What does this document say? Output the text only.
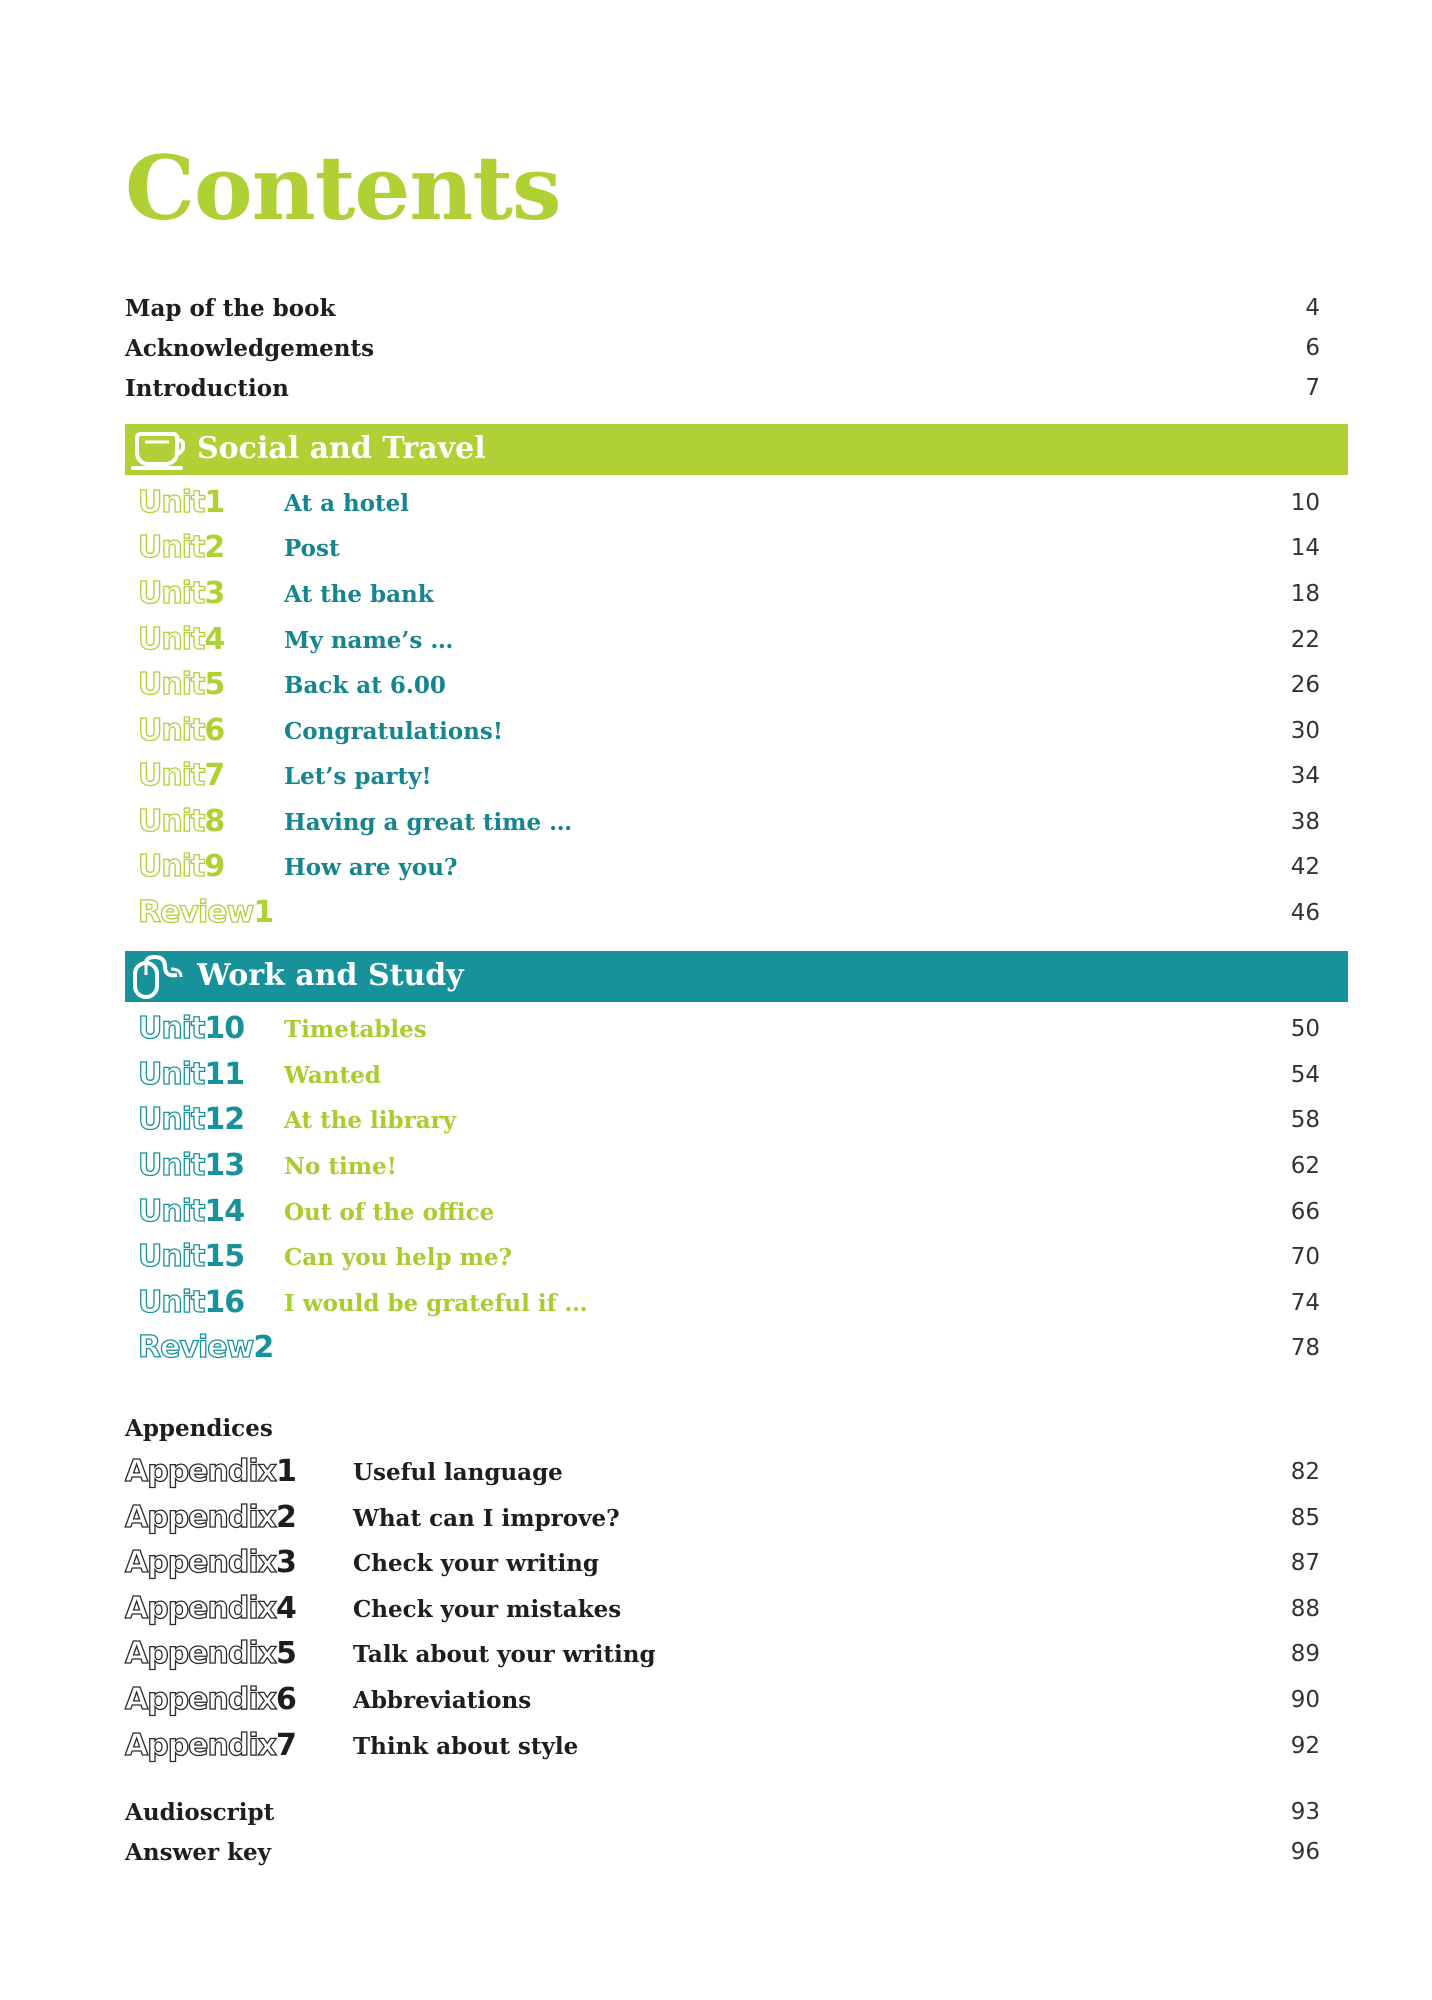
Contents
Map of the book	4
Acknowledgements	6
Introduction	7
Social and Travel
Unit1	At a hotel	10
Unit2	Post	14
Unit3	At the bank	18
Unit4	My name’s …	22
Unit5	Back at 6.00	26
Unit6	Congratulations!	30
Unit7	Let’s party!	34
Unit8	Having a great time …	38
Unit9	How are you?	42
Review1	46
Work and Study
Unit10 Timetables	50
Unit11 Wanted	54
Unit12 At the library	58
Unit13 No time!	62
Unit14 Out of the office	66
Unit15 Can you help me?	70
Unit16 I would be grateful if …	74
Review2	78
Appendices
Appendix1 Useful language	82
Appendix2 What can I improve?	85
Appendix3 Check your writing	87
Appendix4 Check your mistakes	88
Appendix5 Talk about your writing	89
Appendix6 Abbreviations	90
Appendix7 Think about style	92
Audioscript	93
Answer key	96
